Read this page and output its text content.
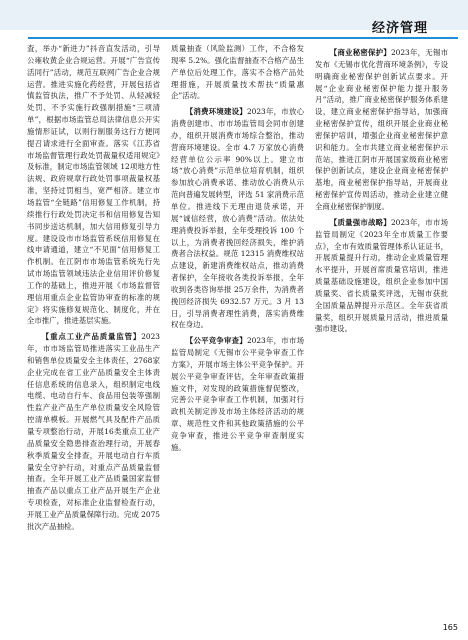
经济管理

査，举办“新进力”抖音直发活动，引导公雍收黄企业合规运营。开展“广告宣传活同行”活动，规范互联网广告企业合规运营。推进实施化药经营，开展包括省慎监管执法，推广不予处罚、从轻减轻处罚、不予实施行政强制措施“三项清单”，根据市场监管总局法律信息公开实施情形证试，以则行制服务这行方便同提召请求进行全面审查。落实《江苏省市场监督管理行政处罚裁量权适用规定》及标准，制定市场监管领域 12项地方性法规、政府规章行政处罚事项裁量权基准，坚持过罚相当，宽严相济。建立市场监管“全链路”信用修复工作机制，持续推行行政处罚决定书和信用修复告知书同步送达机制，加大信用修复引导力度。建设设市市场监管系统信用修复在线申请通道，建立“不见面”信用修复工作机制。在江阴市市场监管系统先行先试市场监管领域违法企业信用评价修复工作的基础上，推进开展《市场监督管理信用重点企业监管协审查的标准的规定》将实施修复规范化、制度化，并在全市推广，推进基层实施。

【重点工业产品质量监管】2023年，市市场监管局推进落实工业品生产和销售单位质量安全主体责任，2768家企业完成在省工业产品质量安全主体责任信息系统的信息录入，组织制定电线电缆、电动自行车、食品用包装等强制性监产业产品生产单位质量安全风险管控清单模板。开展燃气具及配件产品质量专项整治行动，开展16类重点工业产品质量安全隐患排查治理行动，开展春秋季质量安全排查，开展电动自行车质量安全守护行动，对重点产品质量监督抽查。全年开展工业产品质量国家监督抽查产品以重点工业产品开展生产企业专项检查，对标准企业监督检查行动，开展工业产品质量保障行动。完成 2075 批次产品抽检。

质量抽查（风险监测）工作，不合格发现率 5.2%。强化监督抽查不合格产品生产单位后处理工作，落实不合格产品处理措施，开展质量技术帮扶“质量惠企”活动。

【消费环境建设】2023年，市放心消费创建市、市市场监管局会同市创建办，组织开展消费市场综合整治，推动营商环境建设。全市 4.7 万家放心消费经营单位公示率 90%以上。建立市场“放心消费”示范单位培育机制，组织参加放心消费承诺、推动放心消费从示范向普遍发展转型，评选 51 家消费示范单位。推进线下无理由退货承诺，开展“诚信经营，放心消费”活动。依法处理消费投诉举报，全年受理投诉 100 个以上，为消费者挽回经济损失，维护消费者合法权益。规范 12315 消费维权站点建设，新建消费维权站点，推动消费者保护，全年接收各类投诉举报，全年收到各类咨询举报 25万余件，为消费者挽回经济损失 6932.57 万元。3 月 13 日，引导消费者理性消费，落实消费维权在身边。

【公平竞争审查】2023年，市市场监管局制定《无锡市公平竞争审查工作方案》，开展市场主体公平竞争保护。开展公平竞争审查评估，全年审查政策措施文件，对发现的政策措施督促整改，完善公平竞争审查工作机制，加强对行政机关制定涉及市场主体经济活动的规章、规范性文件和其他政策措施的公平竞争审查，推进公平竞争审查制度实施。

【商业秘密保护】2023年，无锡市发布《无锡市优化营商环境条例》，专设明确商业秘密保护创新试点要求。开展“企业商业秘密保护能力提升服务月”活动，推广商业秘密保护服务体系建设，建立商业秘密保护指导站，加强商业秘密保护宣传，组织开展企业商业秘密保护培训，增强企业商业秘密保护意识和能力。全市共建立商业秘密保护示范站，推进江阴市开展国家级商业秘密保护创新试点，建设企业商业秘密保护基地，商业秘密保护指导站，开展商业秘密保护宣传周活动，推动企业建立健全商业秘密保护制度。

【质量强市战略】2023年，市市场监管局制定《2023年全市质量工作要点》，全市有效质量管理体系认证证书，开展质量提升行动，推动企业质量管理水平提升，开展首席质量官培训，推进质量基础设施建设，组织企业参加中国质量奖、省长质量奖评选，无锡市获批全国质量品牌提升示范区。全年获省质量奖，组织开展质量月活动，推进质量强市建设。

165
